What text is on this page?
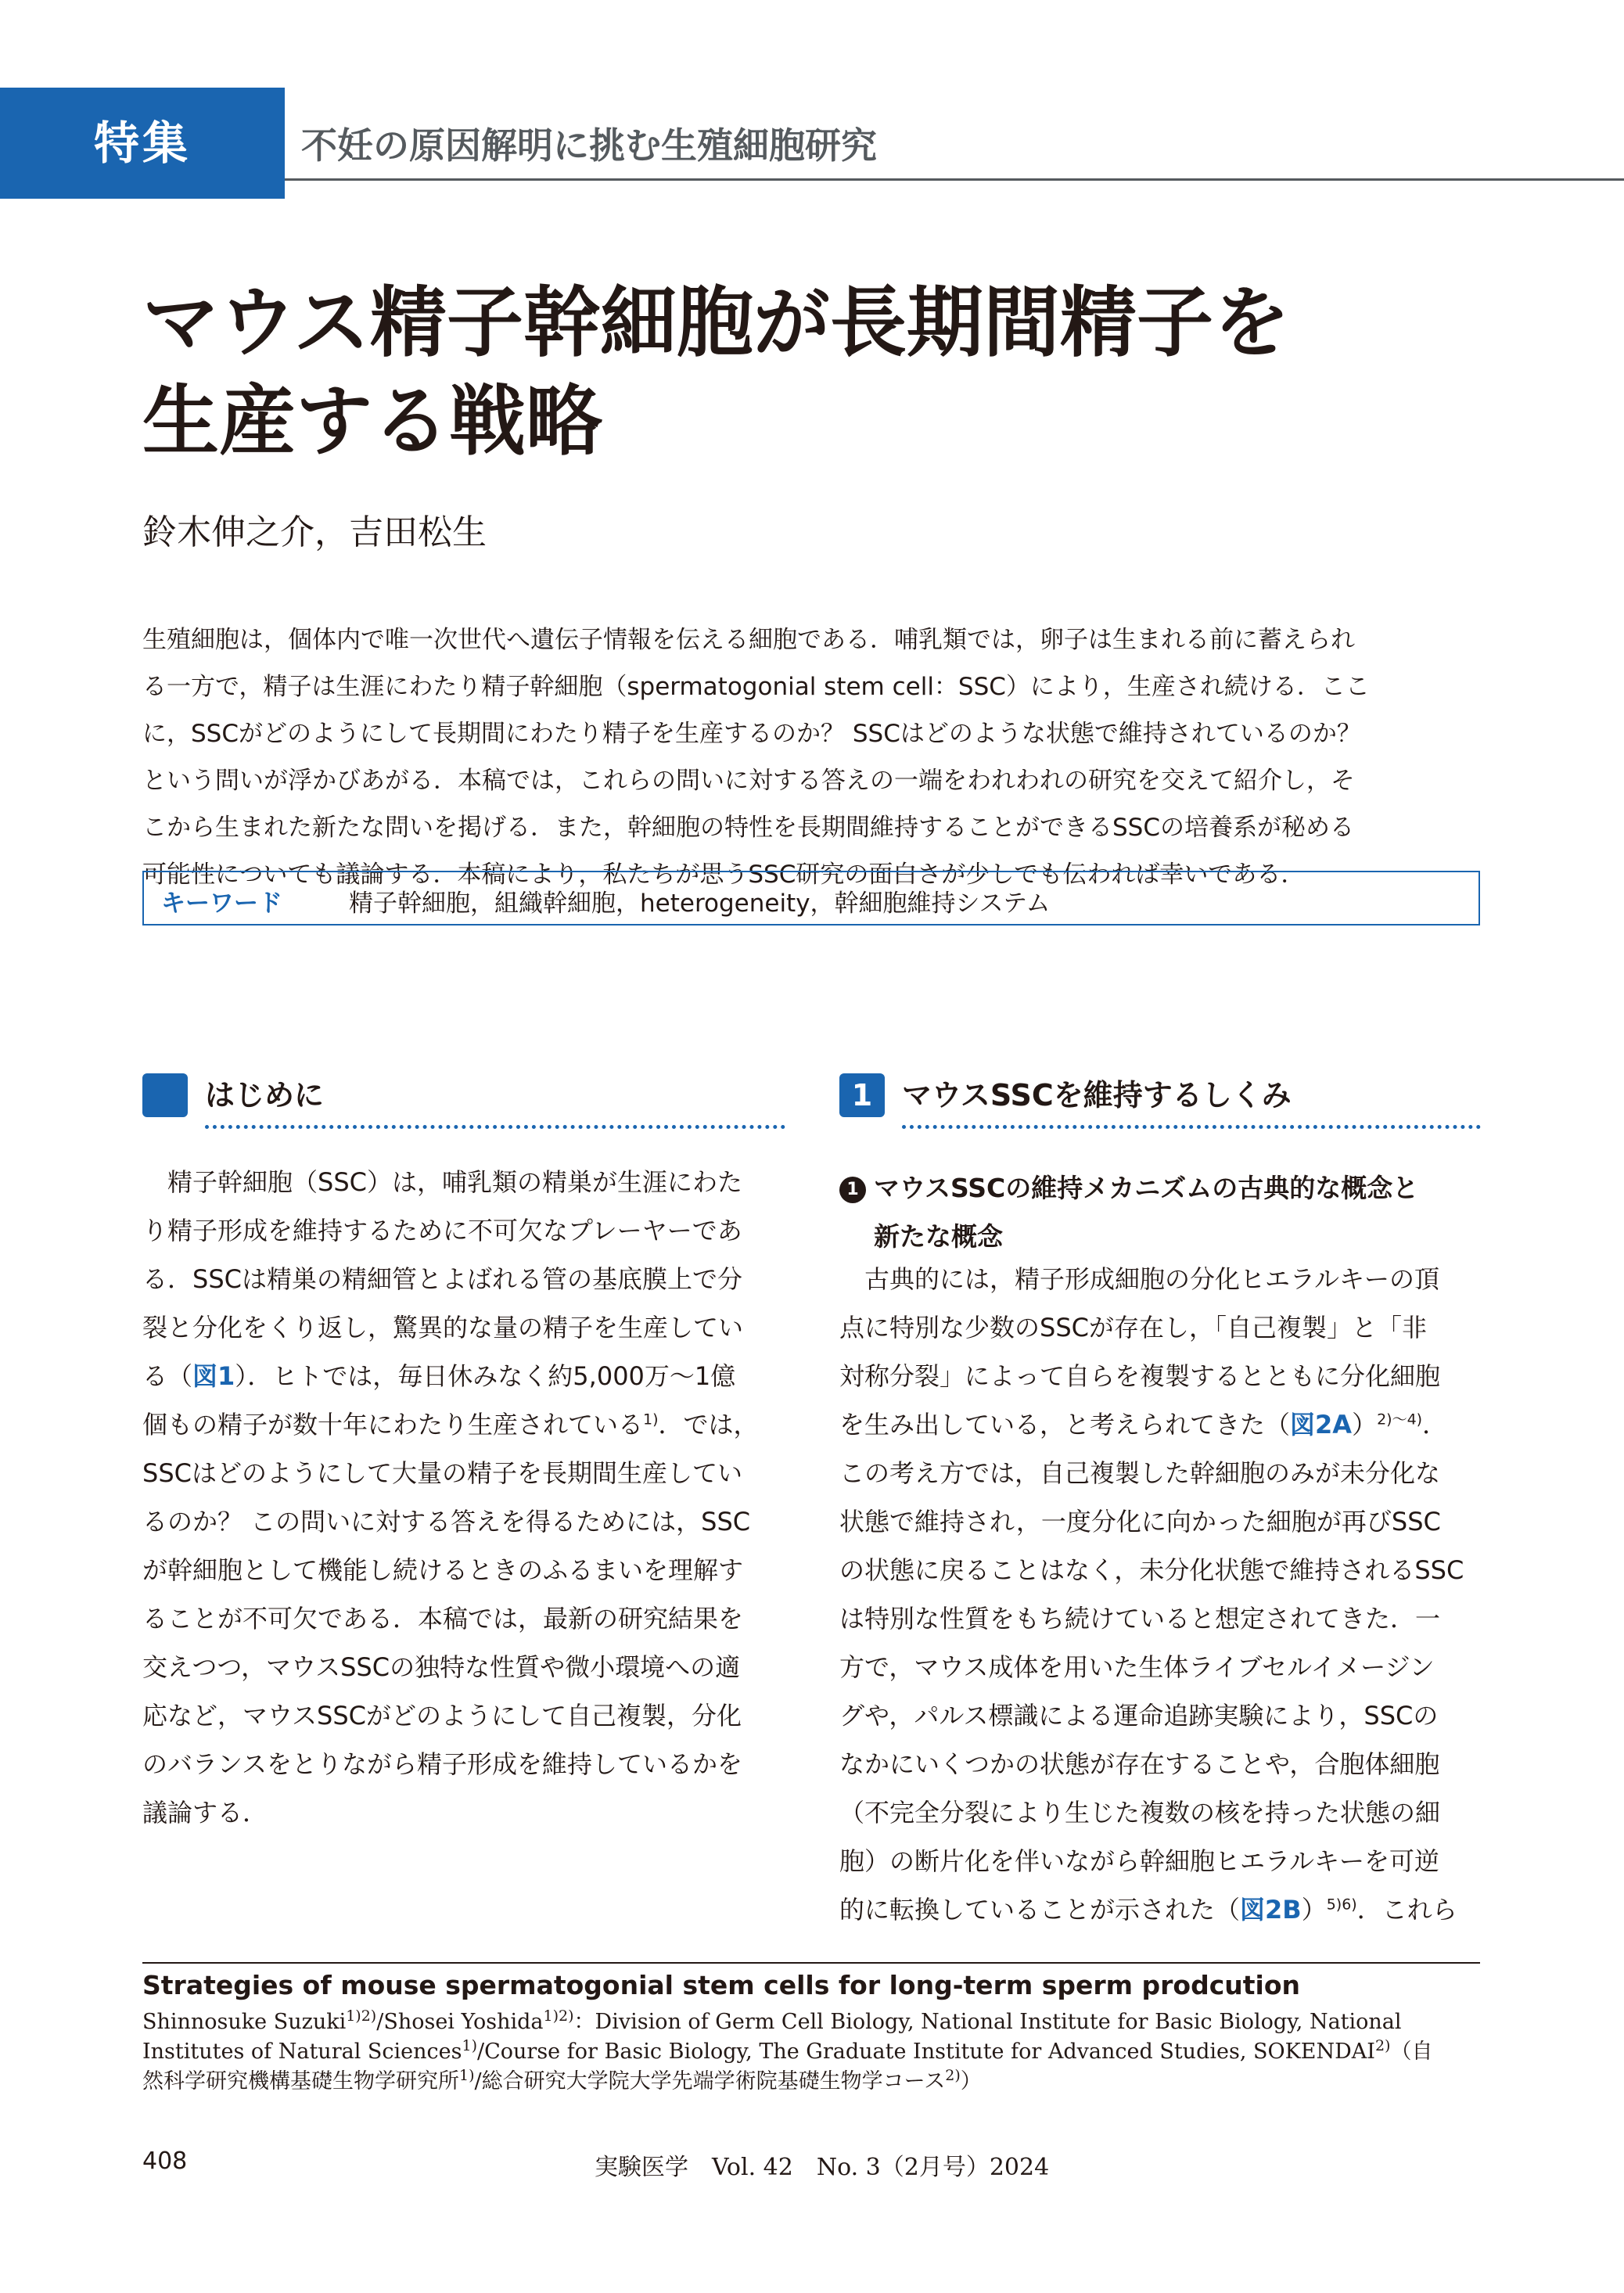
特集	不妊の原因解明に挑む生殖細胞研究
マウス精子幹細胞が長期間精子を
生産する戦略
鈴木伸之介，吉田松生
生殖細胞は，個体内で唯一次世代へ遺伝子情報を伝える細胞である．哺乳類では，卵子は生まれる前に蓄えられ
る一方で，精子は生涯にわたり精子幹細胞（spermatogonial stem cell：SSC）により，生産され続ける．ここ
に，SSCがどのようにして長期間にわたり精子を生産するのか？ SSCはどのような状態で維持されているのか？
という問いが浮かびあがる．本稿では，これらの問いに対する答えの一端をわれわれの研究を交えて紹介し，そ
こから生まれた新たな問いを掲げる．また，幹細胞の特性を長期間維持することができるSSCの培養系が秘める
可能性についても議論する．本稿により，私たちが思うSSC研究の面白さが少しでも伝われば幸いである．
キーワード	精子幹細胞，組織幹細胞，heterogeneity，幹細胞維持システム
はじめに
　精子幹細胞（SSC）は，哺乳類の精巣が生涯にわた
り精子形成を維持するために不可欠なプレーヤーであ
る．SSCは精巣の精細管とよばれる管の基底膜上で分
裂と分化をくり返し，驚異的な量の精子を生産してい
る（図1）．ヒトでは，毎日休みなく約5,000万〜1億
個もの精子が数十年にわたり生産されている$^{1)}$．では，
SSCはどのようにして大量の精子を長期間生産してい
るのか？ この問いに対する答えを得るためには，SSC
が幹細胞として機能し続けるときのふるまいを理解す
ることが不可欠である．本稿では，最新の研究結果を
交えつつ，マウスSSCの独特な性質や微小環境への適
応など，マウスSSCがどのようにして自己複製，分化
のバランスをとりながら精子形成を維持しているかを
議論する．
1 マウスSSCを維持するしくみ
1 マウスSSCの維持メカニズムの古典的な概念と
新たな概念
　古典的には，精子形成細胞の分化ヒエラルキーの頂
点に特別な少数のSSCが存在し，「自己複製」と「非
対称分裂」によって自らを複製するとともに分化細胞
を生み出している，と考えられてきた（図2A）$^{2)〜4)}$．
この考え方では，自己複製した幹細胞のみが未分化な
状態で維持され，一度分化に向かった細胞が再びSSC
の状態に戻ることはなく，未分化状態で維持されるSSC
は特別な性質をもち続けていると想定されてきた．一
方で，マウス成体を用いた生体ライブセルイメージン
グや，パルス標識による運命追跡実験により，SSCの
なかにいくつかの状態が存在することや，合胞体細胞
（不完全分裂により生じた複数の核を持った状態の細
胞）の断片化を伴いながら幹細胞ヒエラルキーを可逆
的に転換していることが示された（図2B）$^{5)6)}$．これら
Strategies of mouse spermatogonial stem cells for long-term sperm prodcution
Shinnosuke Suzuki$^{1)2)}$/Shosei Yoshida$^{1)2)}$：Division of Germ Cell Biology, National Institute for Basic Biology, National
Institutes of Natural Sciences$^{1)}$/Course for Basic Biology, The Graduate Institute for Advanced Studies, SOKENDAI$^{2)}$（自
然科学研究機構基礎生物学研究所$^{1)}$/総合研究大学院大学先端学術院基礎生物学コース$^{2)}$）
408	実験医学　Vol. 42　No. 3（2月号）2024
